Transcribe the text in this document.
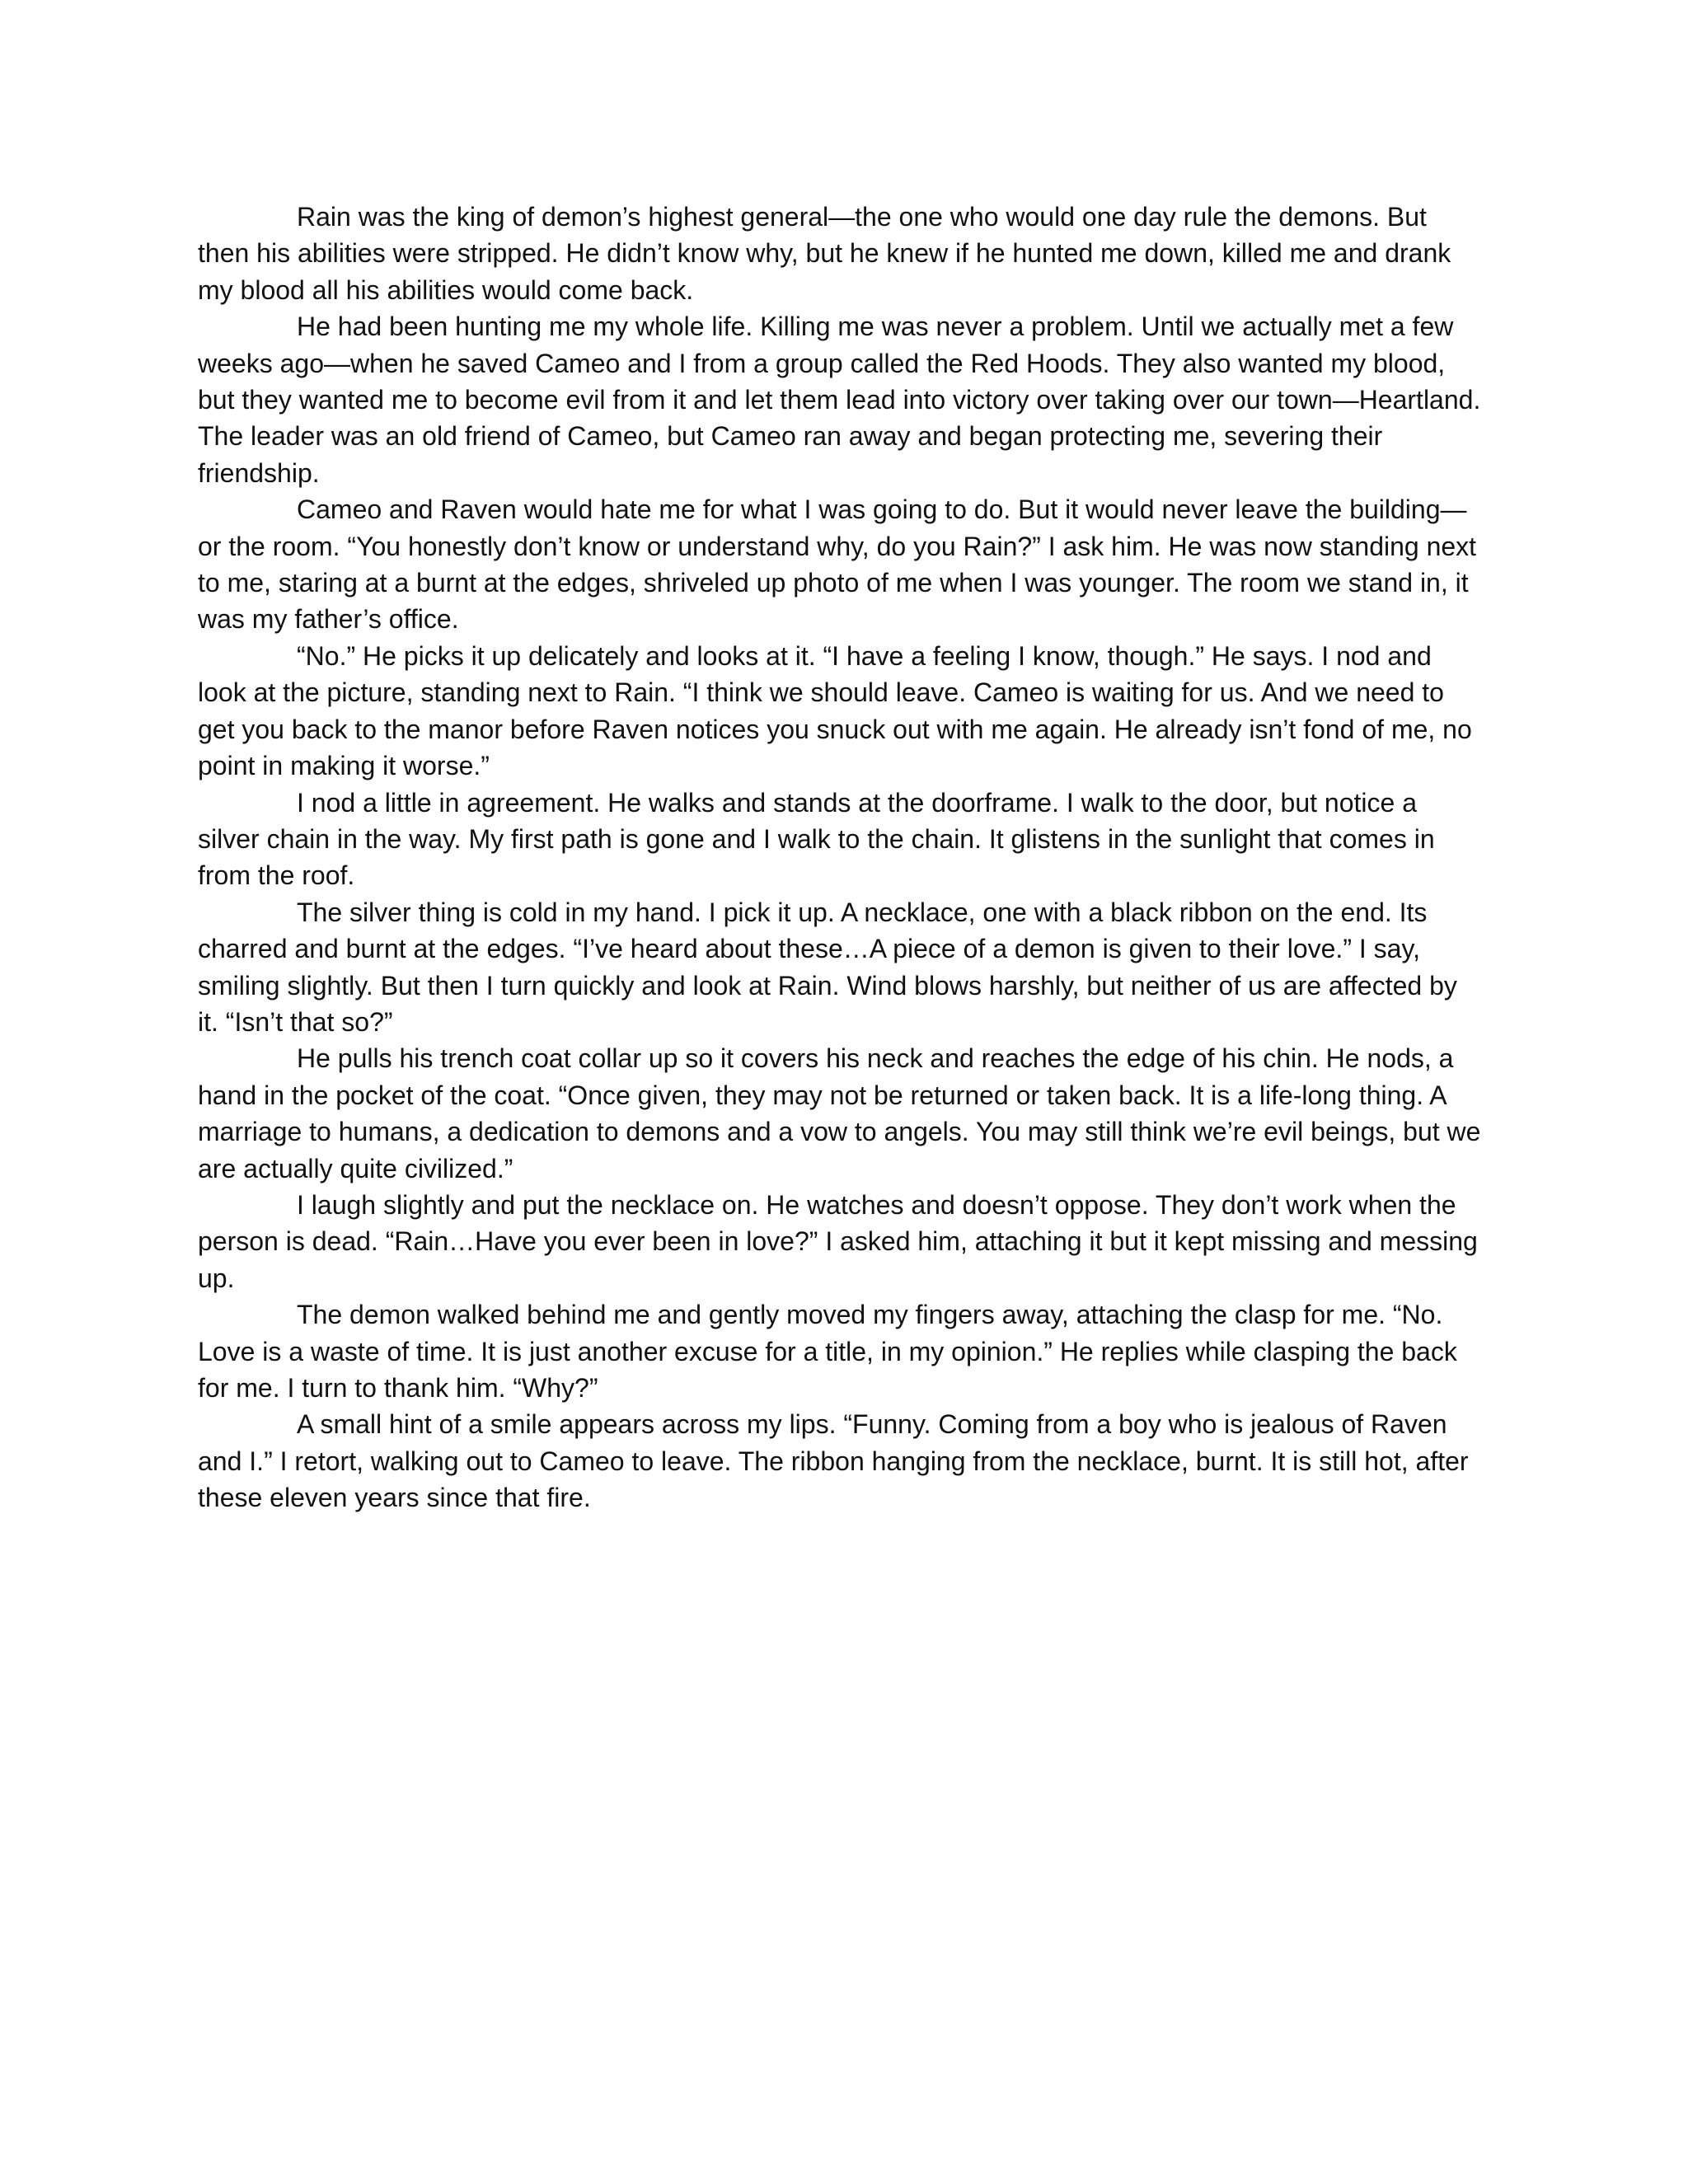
Rain was the king of demon’s highest general—the one who would one day rule the demons. But then his abilities were stripped. He didn’t know why, but he knew if he hunted me down, killed me and drank my blood all his abilities would come back.

He had been hunting me my whole life. Killing me was never a problem. Until we actually met a few weeks ago—when he saved Cameo and I from a group called the Red Hoods. They also wanted my blood, but they wanted me to become evil from it and let them lead into victory over taking over our town—Heartland. The leader was an old friend of Cameo, but Cameo ran away and began protecting me, severing their friendship.

Cameo and Raven would hate me for what I was going to do. But it would never leave the building—or the room. “You honestly don’t know or understand why, do you Rain?” I ask him. He was now standing next to me, staring at a burnt at the edges, shriveled up photo of me when I was younger. The room we stand in, it was my father’s office.

“No.” He picks it up delicately and looks at it. “I have a feeling I know, though.” He says. I nod and look at the picture, standing next to Rain. “I think we should leave. Cameo is waiting for us. And we need to get you back to the manor before Raven notices you snuck out with me again. He already isn’t fond of me, no point in making it worse.”

I nod a little in agreement. He walks and stands at the doorframe. I walk to the door, but notice a silver chain in the way. My first path is gone and I walk to the chain. It glistens in the sunlight that comes in from the roof.

The silver thing is cold in my hand. I pick it up. A necklace, one with a black ribbon on the end. Its charred and burnt at the edges. “I’ve heard about these…A piece of a demon is given to their love.” I say, smiling slightly. But then I turn quickly and look at Rain. Wind blows harshly, but neither of us are affected by it. “Isn’t that so?”

He pulls his trench coat collar up so it covers his neck and reaches the edge of his chin. He nods, a hand in the pocket of the coat. “Once given, they may not be returned or taken back. It is a life-long thing. A marriage to humans, a dedication to demons and a vow to angels. You may still think we’re evil beings, but we are actually quite civilized.”

I laugh slightly and put the necklace on. He watches and doesn’t oppose. They don’t work when the person is dead. “Rain…Have you ever been in love?” I asked him, attaching it but it kept missing and messing up.

The demon walked behind me and gently moved my fingers away, attaching the clasp for me. “No. Love is a waste of time. It is just another excuse for a title, in my opinion.” He replies while clasping the back for me. I turn to thank him. “Why?”

A small hint of a smile appears across my lips. “Funny. Coming from a boy who is jealous of Raven and I.” I retort, walking out to Cameo to leave. The ribbon hanging from the necklace, burnt. It is still hot, after these eleven years since that fire.
